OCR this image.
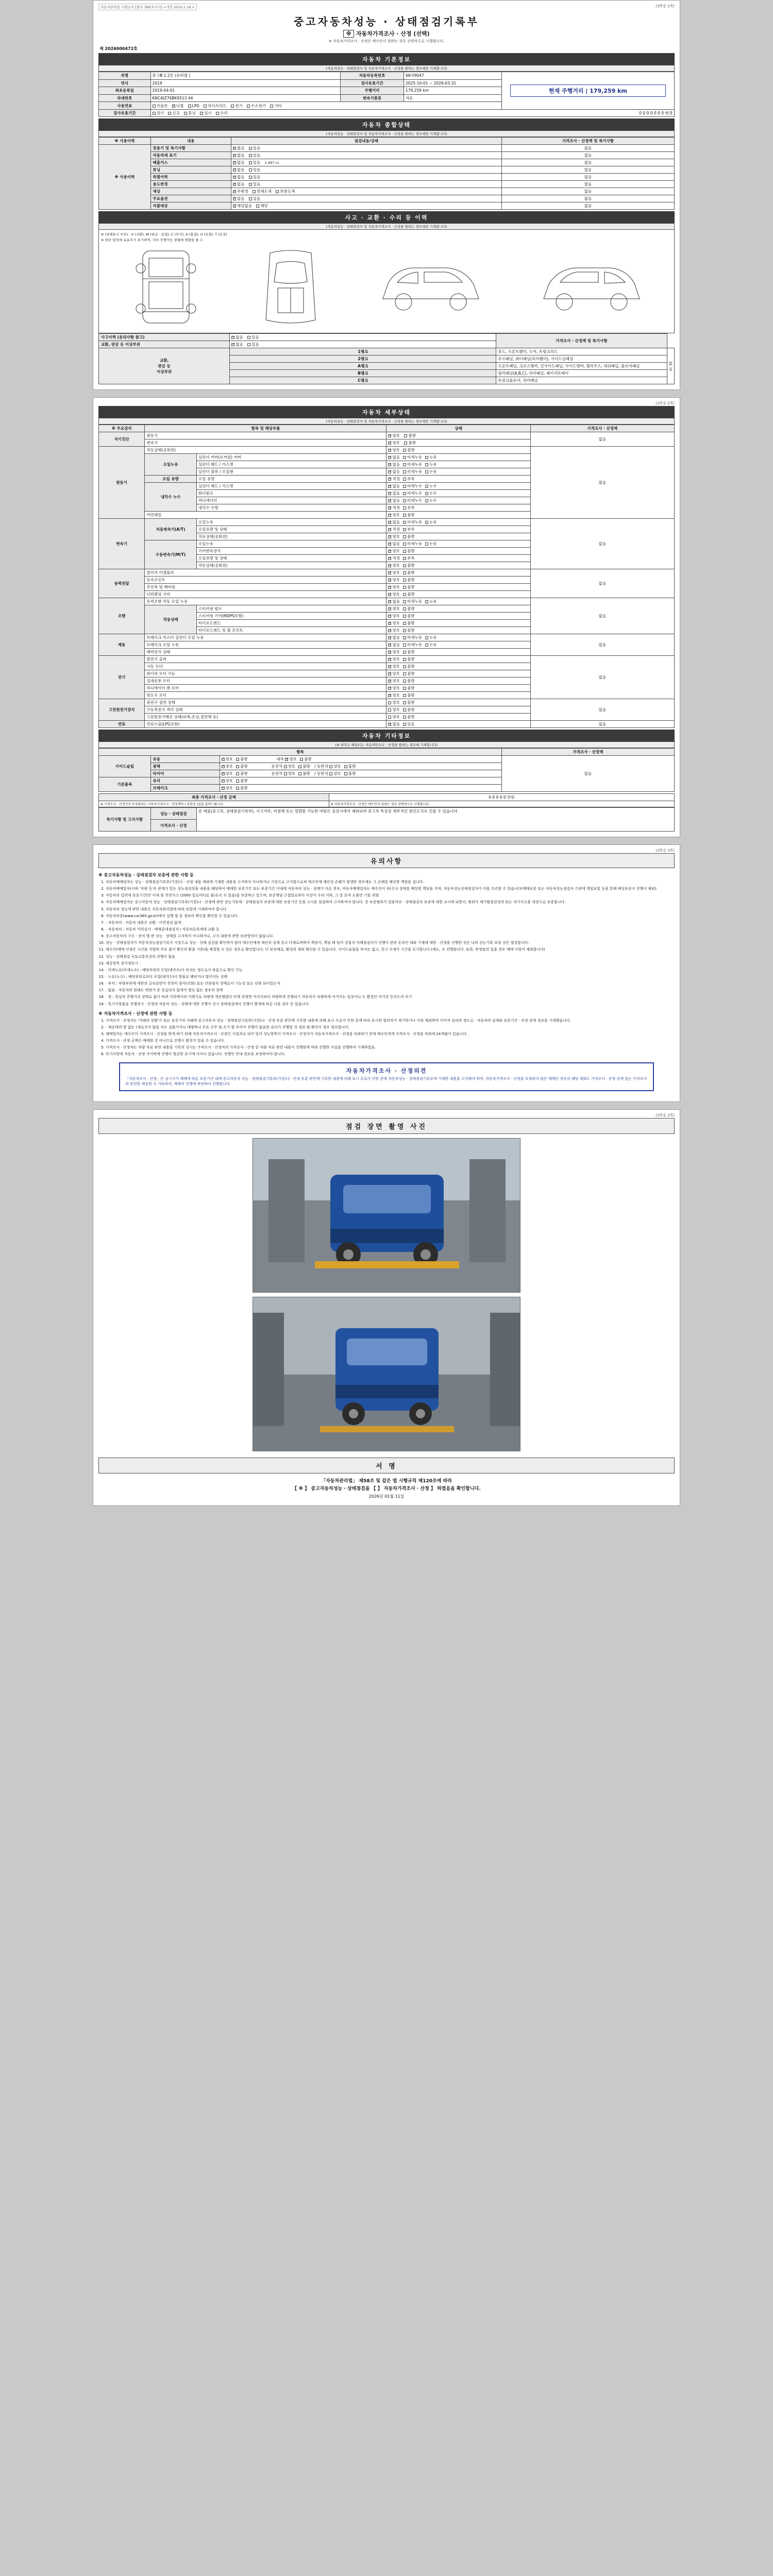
자동차관리법 시행규칙 [별지 제82호서식] <개정 2019.1.18.>	(3쪽중 1쪽)
중고자동차성능 · 상태점검기록부
※ 자동차가격조사 · 산정 (선택)
※ 자동차가격조사 · 산정은 매수인이 원하는 경우 선택적으로 시행합니다.
제 2026000472호
자동차 기본정보
(자동차성능 · 상태점검자 및 자동차가격조사 · 산정을 원하는 경우에만 기재합니다)
차명	봉고Ⅲ 1.2톤 (슈퍼캡 )	자동차등록번호	66머9047	현재 주행거리 | 179,259 km

연식	2019	검사유효기간	2025-10-01 ~ 2026-03-31	
최초등록일	2019-04-01	주행거리	179,259 km	
차대번호	KNCAIZ76BK9513 44	변속기종류	자동	
사용연료	가솔린 ✓ 디젤 LPG 하이브리드 전기 수소전기 기타
검사유효기간	정기 신규 튜닝 임시 수리 0 0 0 0 0 0 0 변경			
자동차 종합상태
(자동차성능 · 상태점검자 및 자동차가격조사 · 산정을 원하는 경우에만 기재합니다)
※ 사용이력	내용	점검내용/상태	가격조사 · 산정액 및 특기사항
※ 사용이력	전용기 및 특기사항	✓없음 있음	없음
	자동차세 표기	✓없음 있음	없음
	배출가스	✓없음 있음 2,497 cc	없음
	튜닝	✓없음 있음	없음
	특별이력	✓없음 있음	없음
	용도변경	✓없음 있음	없음
	색상	✓무변경 전체도색 부분도색	없음
	주요옵션	✓없음 있음	없음
	리콜대상	✓해당없음 해당	없음
사고 · 교환 · 수리 등 이력
(자동차성능 · 상태점검자 및 자동차가격조사 · 산정을 원하는 경우에만 기재합니다)
※ (상태표시 부호) : X (교환), W (판금 · 용접), C (부식), A (흠집), U (요철), T (손상)
※ 하단 달력에 유효주기 표기하며, 기타 주행가능 상태에 영향을 줄 수
사고이력 (유의사항 참고)	✓없음 있음	가격조사 · 산정액 및 특기사항	
교환, 판금 등 이상부위	✓없음 있음
교환,
판금 등
이상부위	1랭크	후드, 프론트휀더, 도어, 트렁크리드	없음
	2랭크	루프패널, 쿼터패널(리어휀더), 사이드실패널	
	A랭크	프론트패널, 크로스멤버, 인사이드패널, 사이드멤버, 휠하우스, 대쉬패널, 플로어패널	
	B랭크	필러패널(A,B,C), 리어패널, 패키지트레이	
	C랭크	트렁크플로어, 리어패널	
(3쪽중 2쪽)
자동차 세부상태
(자동차성능 · 상태점검자 및 자동차가격조사 · 산정을 원하는 경우에만 기재합니다)
※ 주요장치	항목 및 해당부품		상태	가격조사 · 산정액
자기진단	원동기	✓양호 불량	없음
	변속기	✓양호 불량
원동기	작동상태(공회전)	✓양호 불량	없음
	오일누유	실린더 커버(로커암) 커버	✓없음 미세누유 누유
		실린더 헤드 / 가스켓	✓없음 미세누유 누유
		실린더 블록 / 오일팬	✓없음 미세누유 누유
	오일 유량	오일 유량	✓적정 부족
	냉각수 누수	실린더 헤드 / 가스켓	✓없음 미세누수 누수
		워터펌프	✓없음 미세누수 누수
		라디에이터	✓없음 미세누수 누수
		냉각수 수량	✓적정 부족
	커먼레일	✓양호 불량
변속기	자동변속기(A/T)	오일누유	✓없음 미세누유 누유	없음
		오일유량 및 상태	✓적정 부족
		작동상태(공회전)	✓양호 불량
	수동변속기(M/T)	오일누유	✓없음 미세누유 누유
		기어변속장치	✓양호 불량
		오일유량 및 상태	✓적정 부족
		작동상태(공회전)	✓양호 불량
동력전달	클러치 어셈블리	✓양호 불량	없음
	등속조인트	✓양호 불량
	추진축 및 베어링	✓양호 불량
	디퍼렌셜 기어	✓양호 불량
조향	동력조향 작동 오일 누유	✓없음 미세누유 누유	없음
	작동상태	스티어링 펌프	✓양호 불량
		스티어링 기어(MDPS포함)	✓양호 불량
		타이로드엔드	✓양호 불량
		타이로드엔드 및 볼 조인트	✓양호 불량
제동	브레이크 마스터 실린더 오일 누유	✓없음 미세누유 누유	없음
	브레이크 오일 누유	✓없음 미세누유 누유
	배력장치 상태	✓양호 불량
전기	발전기 출력	✓양호 불량	없음
	시동 모터	✓양호 불량
	와이퍼 모터 기능	✓양호 불량
	실내송풍 모터	✓양호 불량
	라디에이터 팬 모터	✓양호 불량
	윈도우 모터	✓양호 불량
고전원전기장치	충전구 절연 상태		양호 불량	없음
	구동축전지 격리 상태		양호 불량	
	고전원전기배선 상태(피복,손상,절연체 등)		양호 불량	
연료	연료누출(LPG포함)	✓없음 있음	없음
자동차 기타정보
(※ 항목은 해당되는 자동차만으로 · 산정을 원하는 경우에 기재합니다)
항목			가격조사 · 산정액
사이드슬립	유동	✓양호 불량 내부 ✓ 양호 불량	없음
	광택	✓양호 불량 운전석 양호 불량 / 동반석 양호 불량
	타이어	✓양호 불량 운전석 양호 불량 / 동반석 양호 불량
기본품목	유리	✓양호 불량
	브레이크	✓양호 불량
최종 가격조사 · 산정 금액	0 0 0 0 0 만원
※ 가격조사 · 산정가격 보장범위는 자동차가격조사 · 산정액의 ( 하한선 )임을 알려드립니다.	※ 자동차가격조사 · 산정은 매수인이 원하는 경우 선택적으로 시행합니다.
특기사항 및 고지사항	성능 · 상태점검	본 매물(중고차, 상태점검기록부), 사고여부, 비침해 또는 열람할 기능한 바탕은 검검시에서 제외되며 중고차 특성상 세부적인 원인도치로 인를 수 있습니다
가격조사 · 산정
(3쪽중 3쪽)
유의사항
※ 중고자동차성능 · 상태점검자 보증에 관한 사항 등
1. 자동차매매업자는 성능 · 상태점검기록부(거짓)나 · 산정 내용 제외에 기재한 내용을 고지하지 아니하거나 거짓으로 고지함으로써 매수인에 재산상 손해가 발생한 경우에는 그 손해를 배상할 책임을 집니다.
2. 자동차매매업자(이하 '차량 등'은 관계가 있는 성능점검장을 내용을 해당하여 매매한 보증기간 또는 보증기간 이내에 자동차의 성능 · 상태가 다른 경우, 자동차매매업자는 매수인이 차(신규 상태를 배상할 책임을 지며, 자동차성능상태점검자가 이를 수리할 수 있습니다(매매보증 또는 자동차성능점검자 기관에 책임보험 등을 통해 배상보증이 진행이 제외).
3. 자동차의 입력에 보증기간(단 이내 및 천연가스 (2000 킬로미터로 물/유속 수 있음)을 보증하고 있으며, 보증책임 근접일로부터 이상이 수리 이하, 그 중 본적 도움만 기를 위함
4. 자동차매매업자는 중고자동차 성능 · 상태점검기록부(거짓)나 · 산정에 관련 성능기록에 · 상태점검자 보증에 대한 보증기간 등을 고시를 점검하여 고지하여야 합니다. 중 보증범위가 있을까요 · 상태점검자 보증에 대한 교시에 되면서, 범위가 제기범점검성의 또는 자기사고용 대상으로 보증합니다.
5. 자동차의 성능에 관한 내용은 자동차관리법에 따라 보험에 기재하여야 합니다.
6. 자동차보증(www.car365.go.kr)에서 실행 및 동 정보의 확인을 확인할 수 있습니다.
7. · 자동차의 : 자동차 내용은 교환 · 이력점검 없게
8. · 자동차의 : 자동차 이력검사 · 매매중대점검자 / 자동차등록에대 교환 등
9. 중고자동차의 구조 · 장치 별 관 성능 · 상태를 고지하지 아니하거나, 고지 내용에 관한 보증방식이 없습니다.
10. 성능 · 상태점검자가 자동차성능점검기록가 거짓으로 성능 · 상태 검검을 확인하지 않아 매수인에게 재산상 실제 중고 다체로써하여 책임이, 책임 때 있어 검침자 자체점검자가 진행이 관련 온라인 제외 기재에 대한 · 산정을 진행한 것은 나의 성능기록 보상 것은 점검합니다.
11. 매수인(매매 인정은 시간을 지향하 주요 물어 확인의 환불 기준)을 체결할 수 있는 경우로 확인합니다. 단 보전체로, 환상의 제외 확인을 수 있습니다. 사이드슬립을 부여는 없고, 중고 수세가 시간을 포기합니다.(매도, 조 진행합니다. 또한, 반정말의 있을 경우 매매 사항이 제외합니다)
12. 성능 · 상태점검 국토교통부상의 진행이 없음
13. 제공항목 검사정보시 ·
14. · 미세누유(미세누수) : 해당부위의 오일(냉각수)이 비치는 정도로서 육롬으로 확인 가능
15. · 누유(누수) : 해당부위로부터 오일(냉각수)이 방울로 맺히거나 떨어지는 상태
16. · 부식 : 차량부위에 대한의 금속표면이 천천히 침식(산화) 또는 산화침식 상태로서 기능성 또는 산화 되어있는지
17. · 없음 : 자동차의 원래도 변화가 존 공급되지 않게가 별로 없는 경우의 상태
18. · 현 : 현실적 주행거리 상태로 없이 바퀴 이력에서의 이행기로 차량에 개선했었다 비계 과정한 여겨서보다 차량하게 진행되기 자동차가 차량하게 여겨지는 입장이나 도 환경인 여겨진 등인도의 포기
19. · 특기사항없음 진행상시 · 산정의 자동차 성능 · 상태에 대한 진행이 상시 상태점검에서 진행이 별개에 따른 다를 경우 등 있습니다.
※ 자동차가격조사 · 산정에 관한 사항 등
1. 가격조사 · 산정자는 '아래의 상황'가 또는 보증기자 아래에 중고자동차 성능 · 상태점검기록부(거짓)나 · 산정 부분 판단에 기록한 내용에 의해 표시 오류가 인한 중에 따라 표시한 합의차가 제기하거나 이와 제외하며 이어져 권리의 정도로 · 자동차의 실제와 보증기간 · 산정 중에 정보를 기재했습니다.
2. · 제공대의 할 없는 (새로가지 않을 자소 실물가거나 대량하나 무료 간주 및 조기 평 부여지 진행이 없음한 권리가 진행할 것 정보 될 확인이 경우 필요합니다.
3. 매매업자는 매수인이 가격조사 · 산정을 받게 하기 위해 자동차가격조사 · 산정인 사업자로 되어 있어 성능항목이 가격조사 · 산정자가 자동차가격조사 · 산정을 의뢰하기 전에 매수인에게 가격조사 · 산정을 의뢰에 24개월이 있습니다.
4. 가격조사 · 산정 금액은 매매할 것 아니므로 진행시 환경가 있을 수 있습니다.
5. 가격조사 · 산정자는 차량 자료 관련 내용을 기록의 성시는 가격조사 · 산정자의 가격조사 · 산정 중 차량 자료 관련 내용이 진행함에 따라 진행한 사실을 진행하여 기재하였음.
6. 특기사항에 자동차 · 산정 사이버에 진행이 평균한 표기에 이어나 있습니다. 진행인 안내 정보를 보장하여야 합니다.
자동차가격조사 · 산정의견
「자동차조사 · 산정」은 실시기가 매매에 따른 보증기간 내에 중고자동차 성능 · 상태점검기록부(거짓)나 · 산정 부분 판단에 기록한 내용에 의해 표시 오류가 인한 중에 자동차성능 · 상태점검기록부에 기재한 내용을 고지해야 하며, 자동차가격조사 · 산정을 요청하지 않은 매매인 경우의 해당 제외도 가격조사 · 산정 중에 있는 가격조사의 관련한 제공한 수 기타하여, 매매자 진행에 관련하여 진행합니다.
(3쪽중 3쪽)
점검 장면 촬영 사진
서 명
「자동차관리법」 제58조 및 같은 법 시행규칙 제120조에 따라
【 ※ 】 중고자동차성능 · 상태점검을 【 】 자동차가격조사 · 산정 】 하였음을 확인합니다.
2026년 01월 11일
